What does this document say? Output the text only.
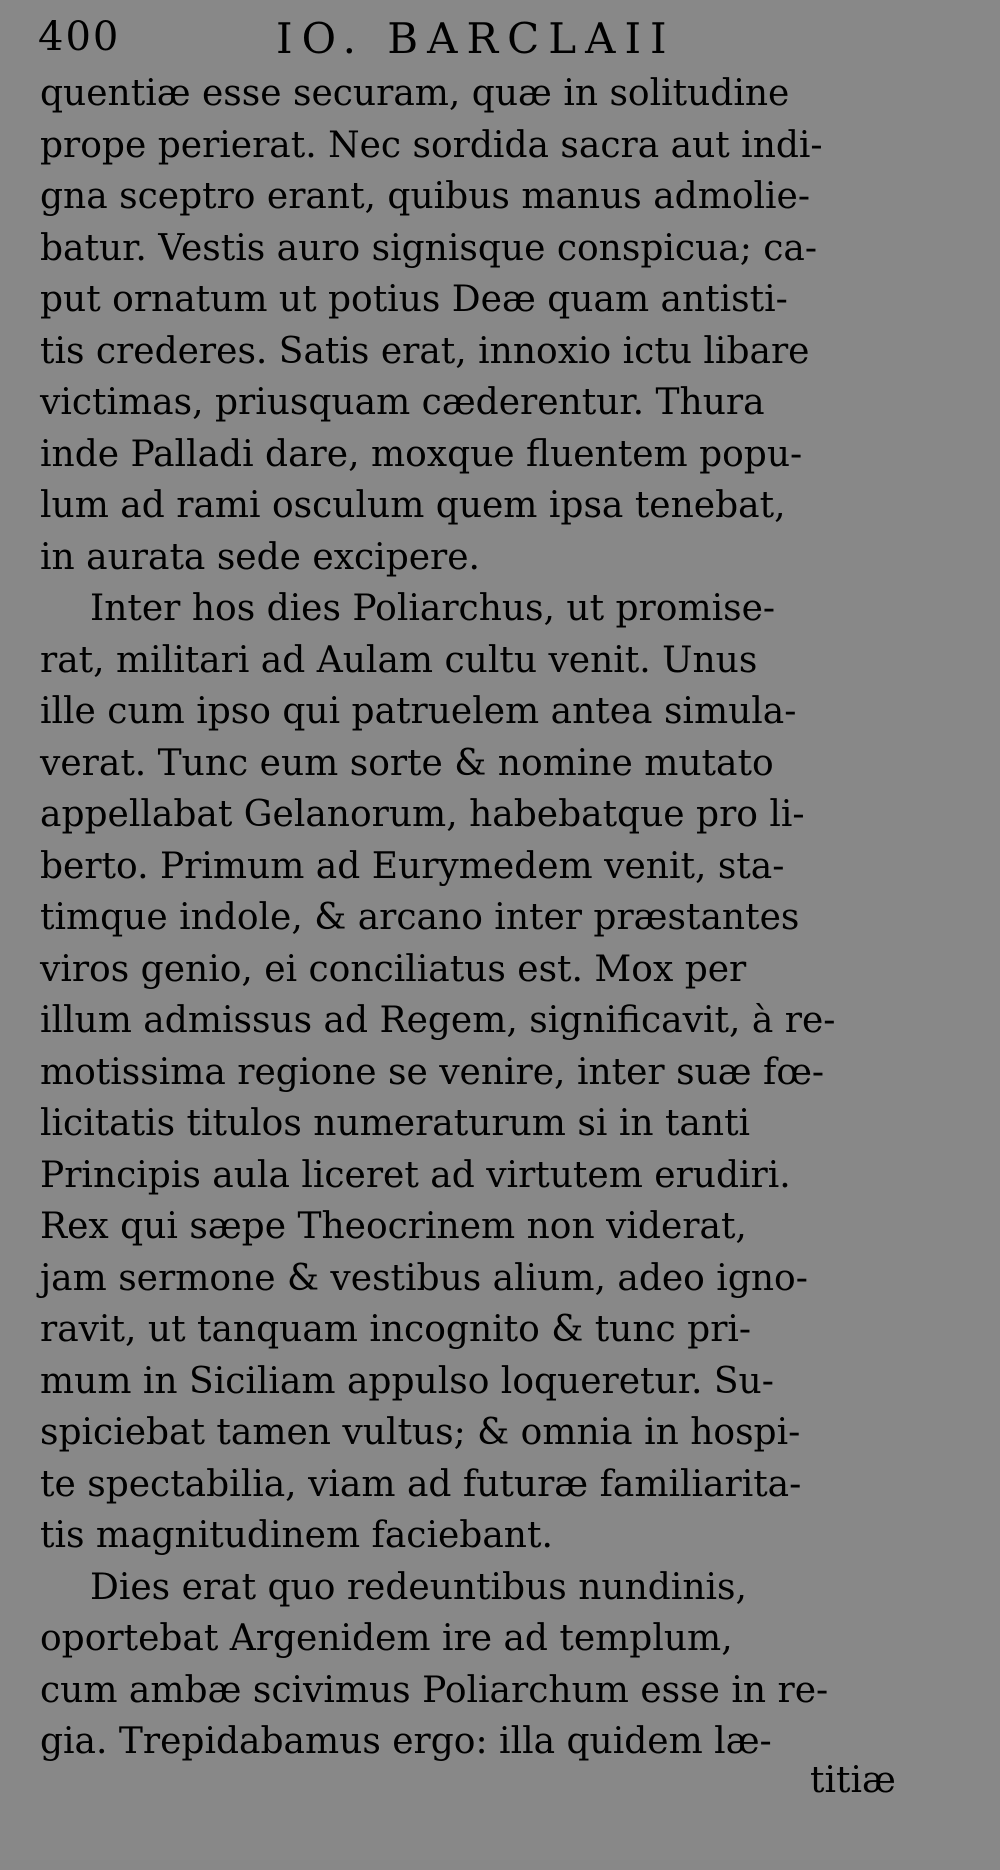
400	IO. BARCLAII
quentiæ esse securam, quæ in solitudine
prope perierat. Nec sordida sacra aut indi-
gna sceptro erant, quibus manus admolie-
batur. Vestis auro signisque conspicua; ca-
put ornatum ut potius Deæ quam antisti-
tis crederes. Satis erat, innoxio ictu libare
victimas, priusquam cæderentur. Thura
inde Palladi dare, moxque fluentem popu-
lum ad rami osculum quem ipsa tenebat,
in aurata sede excipere.
Inter hos dies Poliarchus, ut promise-
rat, militari ad Aulam cultu venit. Unus
ille cum ipso qui patruelem antea simula-
verat. Tunc eum sorte & nomine mutato
appellabat Gelanorum, habebatque pro li-
berto. Primum ad Eurymedem venit, sta-
timque indole, & arcano inter præstantes
viros genio, ei conciliatus est. Mox per
illum admissus ad Regem, significavit, à re-
motissima regione se venire, inter suæ fœ-
licitatis titulos numeraturum si in tanti
Principis aula liceret ad virtutem erudiri.
Rex qui sæpe Theocrinem non viderat,
jam sermone & vestibus alium, adeo igno-
ravit, ut tanquam incognito & tunc pri-
mum in Siciliam appulso loqueretur. Su-
spiciebat tamen vultus; & omnia in hospi-
te spectabilia, viam ad futuræ familiarita-
tis magnitudinem faciebant.
Dies erat quo redeuntibus nundinis,
oportebat Argenidem ire ad templum,
cum ambæ scivimus Poliarchum esse in re-
gia. Trepidabamus ergo: illa quidem læ-
titiæ
